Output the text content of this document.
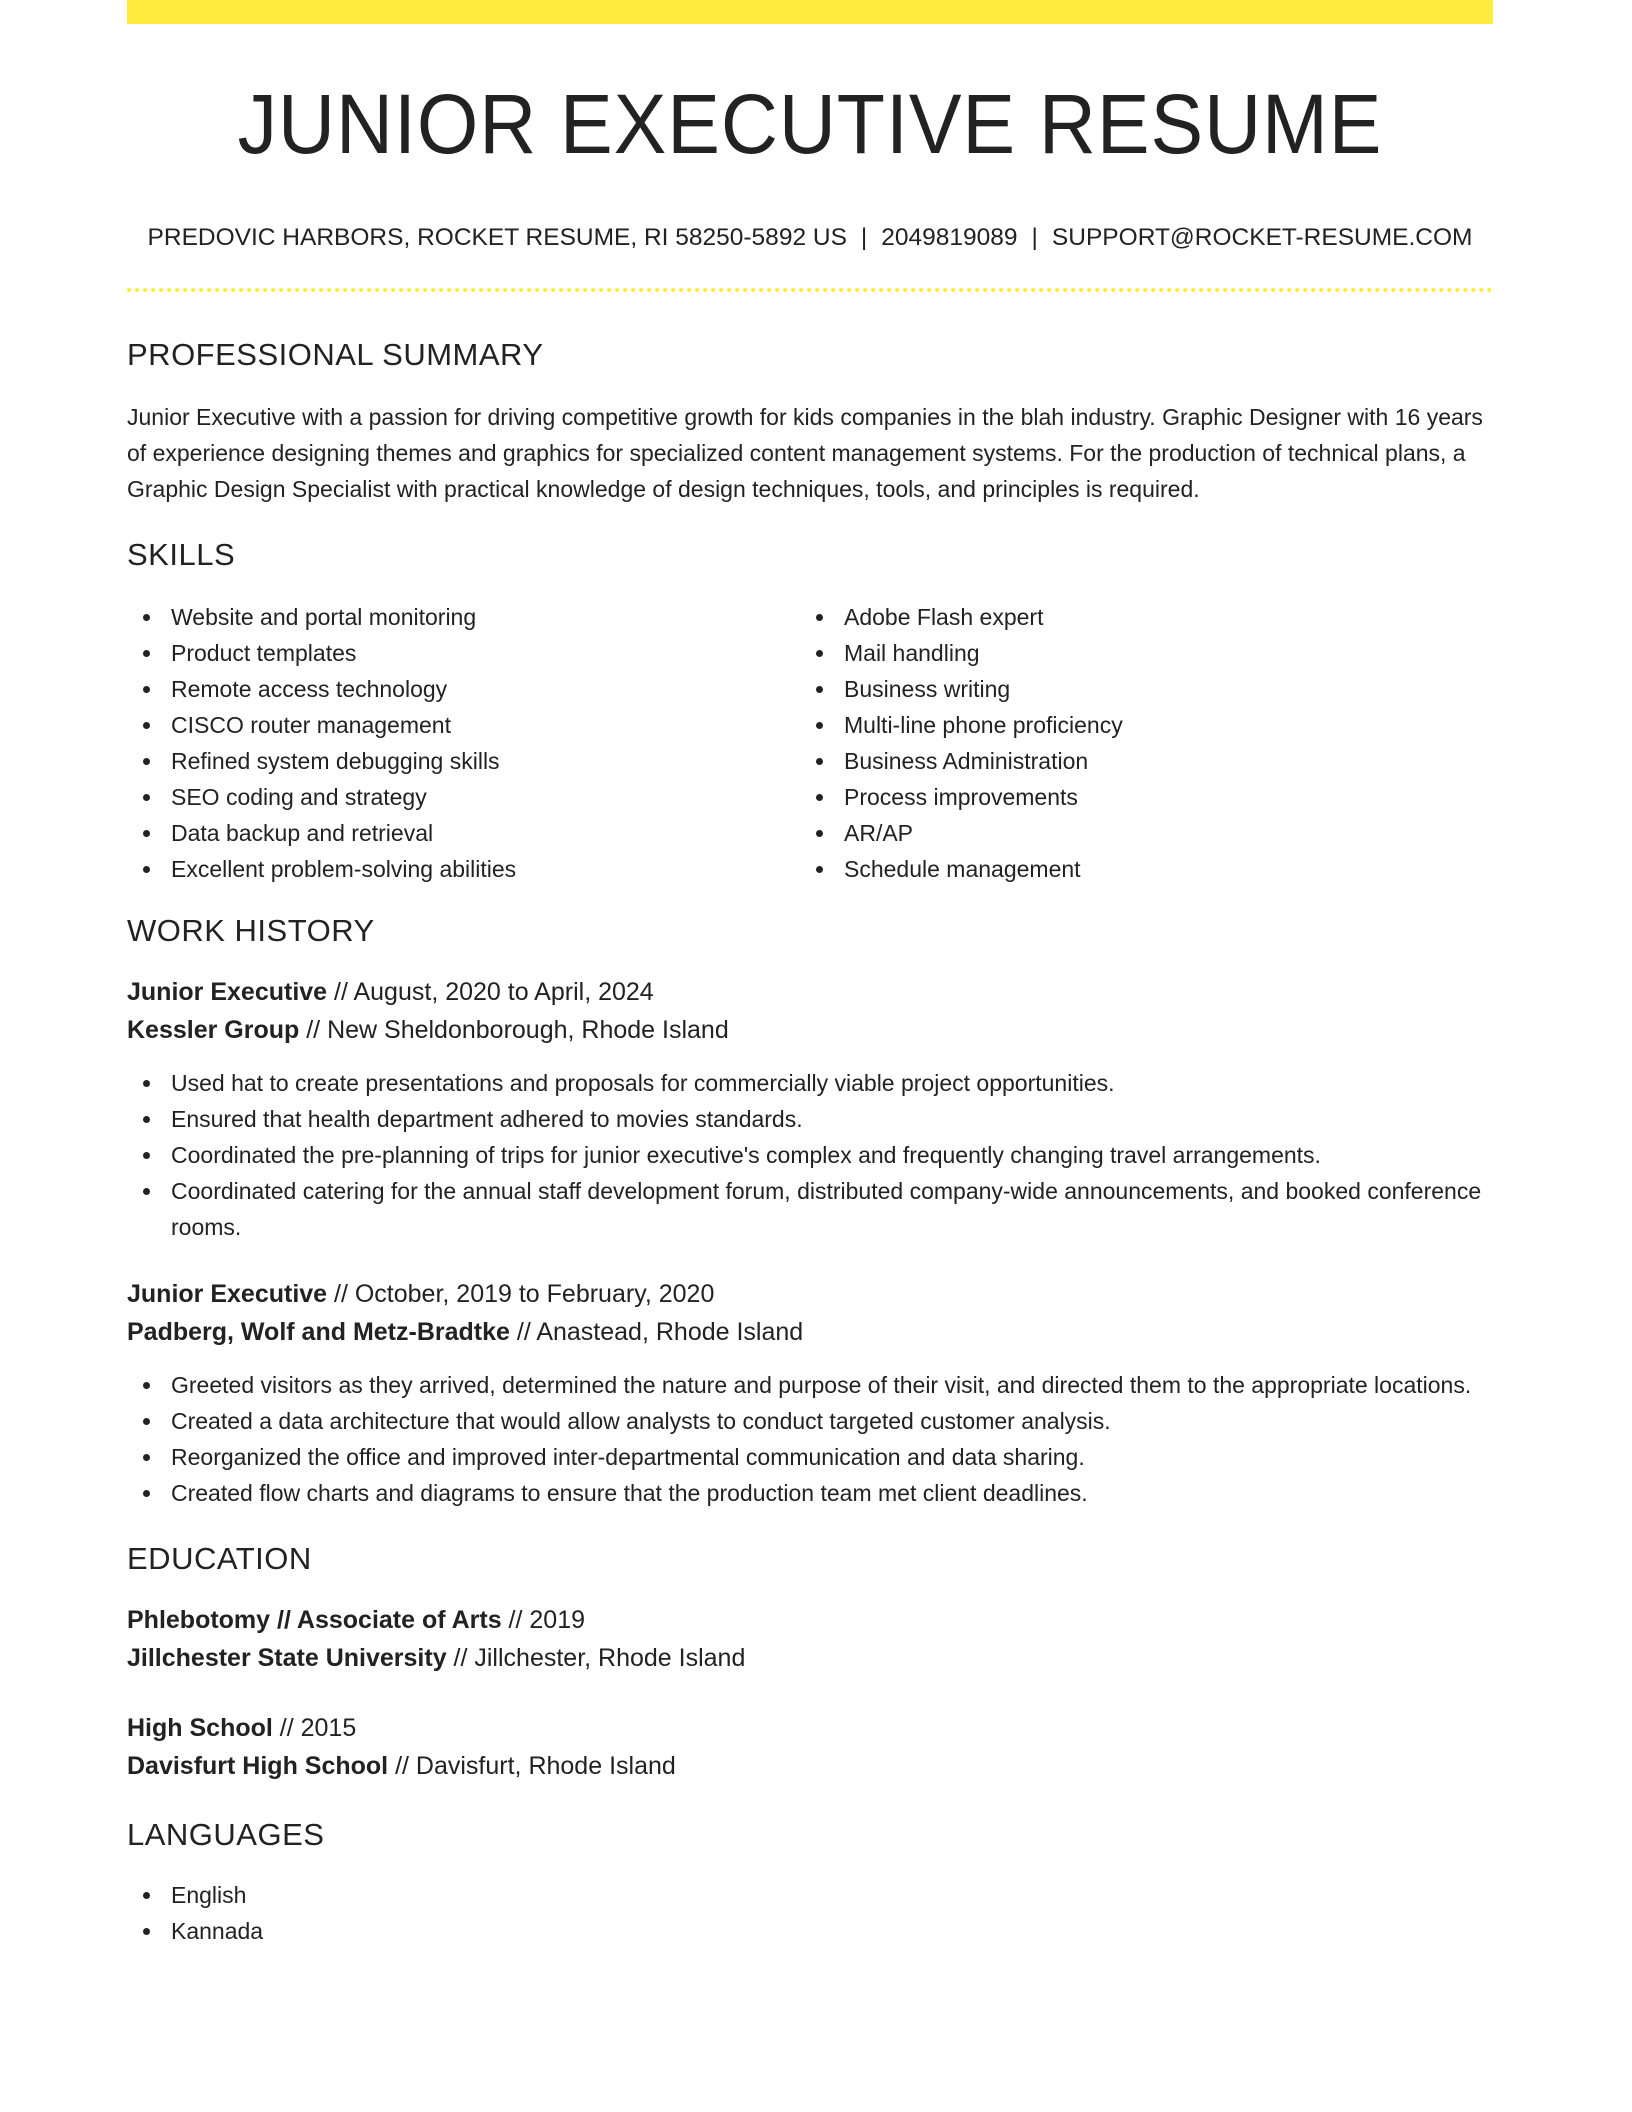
JUNIOR EXECUTIVE RESUME
PREDOVIC HARBORS, ROCKET RESUME, RI 58250-5892 US | 2049819089 | SUPPORT@ROCKET-RESUME.COM
PROFESSIONAL SUMMARY

Junior Executive with a passion for driving competitive growth for kids companies in the blah industry. Graphic Designer with 16 years of experience designing themes and graphics for specialized content management systems. For the production of technical plans, a Graphic Design Specialist with practical knowledge of design techniques, tools, and principles is required.

SKILLS
Website and portal monitoring
Product templates
Remote access technology
CISCO router management
Refined system debugging skills
SEO coding and strategy
Data backup and retrieval
Excellent problem-solving abilities
Adobe Flash expert
Mail handling
Business writing
Multi-line phone proficiency
Business Administration
Process improvements
AR/AP
Schedule management
WORK HISTORY
Junior Executive // August, 2020 to April, 2024
Kessler Group // New Sheldonborough, Rhode Island
Used hat to create presentations and proposals for commercially viable project opportunities.
Ensured that health department adhered to movies standards.
Coordinated the pre-planning of trips for junior executive's complex and frequently changing travel arrangements.
Coordinated catering for the annual staff development forum, distributed company-wide announcements, and booked conference rooms.
Junior Executive // October, 2019 to February, 2020
Padberg, Wolf and Metz-Bradtke // Anastead, Rhode Island
Greeted visitors as they arrived, determined the nature and purpose of their visit, and directed them to the appropriate locations.
Created a data architecture that would allow analysts to conduct targeted customer analysis.
Reorganized the office and improved inter-departmental communication and data sharing.
Created flow charts and diagrams to ensure that the production team met client deadlines.
EDUCATION
Phlebotomy // Associate of Arts // 2019
Jillchester State University // Jillchester, Rhode Island
High School // 2015
Davisfurt High School // Davisfurt, Rhode Island
LANGUAGES
English
Kannada
